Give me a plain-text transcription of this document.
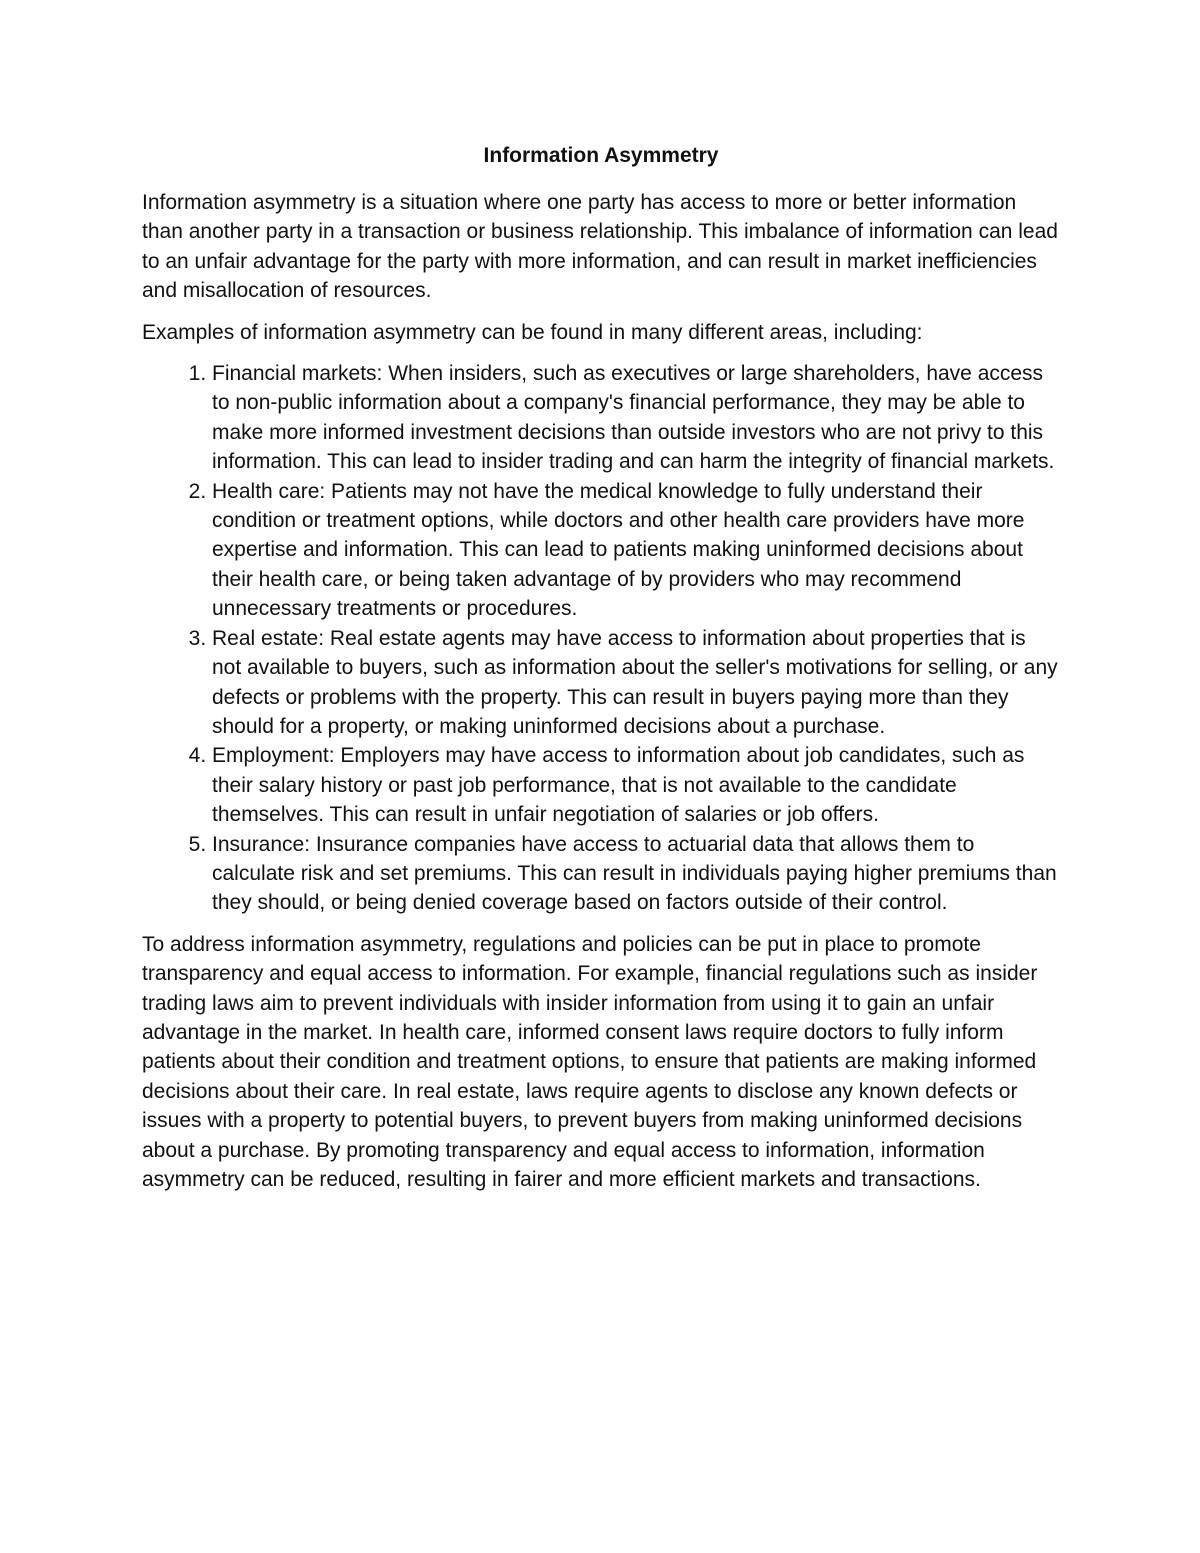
Information Asymmetry

Information asymmetry is a situation where one party has access to more or better information than another party in a transaction or business relationship. This imbalance of information can lead to an unfair advantage for the party with more information, and can result in market inefficiencies and misallocation of resources.

Examples of information asymmetry can be found in many different areas, including:

1. Financial markets: When insiders, such as executives or large shareholders, have access to non-public information about a company's financial performance, they may be able to make more informed investment decisions than outside investors who are not privy to this information. This can lead to insider trading and can harm the integrity of financial markets.
2. Health care: Patients may not have the medical knowledge to fully understand their condition or treatment options, while doctors and other health care providers have more expertise and information. This can lead to patients making uninformed decisions about their health care, or being taken advantage of by providers who may recommend unnecessary treatments or procedures.
3. Real estate: Real estate agents may have access to information about properties that is not available to buyers, such as information about the seller's motivations for selling, or any defects or problems with the property. This can result in buyers paying more than they should for a property, or making uninformed decisions about a purchase.
4. Employment: Employers may have access to information about job candidates, such as their salary history or past job performance, that is not available to the candidate themselves. This can result in unfair negotiation of salaries or job offers.
5. Insurance: Insurance companies have access to actuarial data that allows them to calculate risk and set premiums. This can result in individuals paying higher premiums than they should, or being denied coverage based on factors outside of their control.

To address information asymmetry, regulations and policies can be put in place to promote transparency and equal access to information. For example, financial regulations such as insider trading laws aim to prevent individuals with insider information from using it to gain an unfair advantage in the market. In health care, informed consent laws require doctors to fully inform patients about their condition and treatment options, to ensure that patients are making informed decisions about their care. In real estate, laws require agents to disclose any known defects or issues with a property to potential buyers, to prevent buyers from making uninformed decisions about a purchase. By promoting transparency and equal access to information, information asymmetry can be reduced, resulting in fairer and more efficient markets and transactions.
